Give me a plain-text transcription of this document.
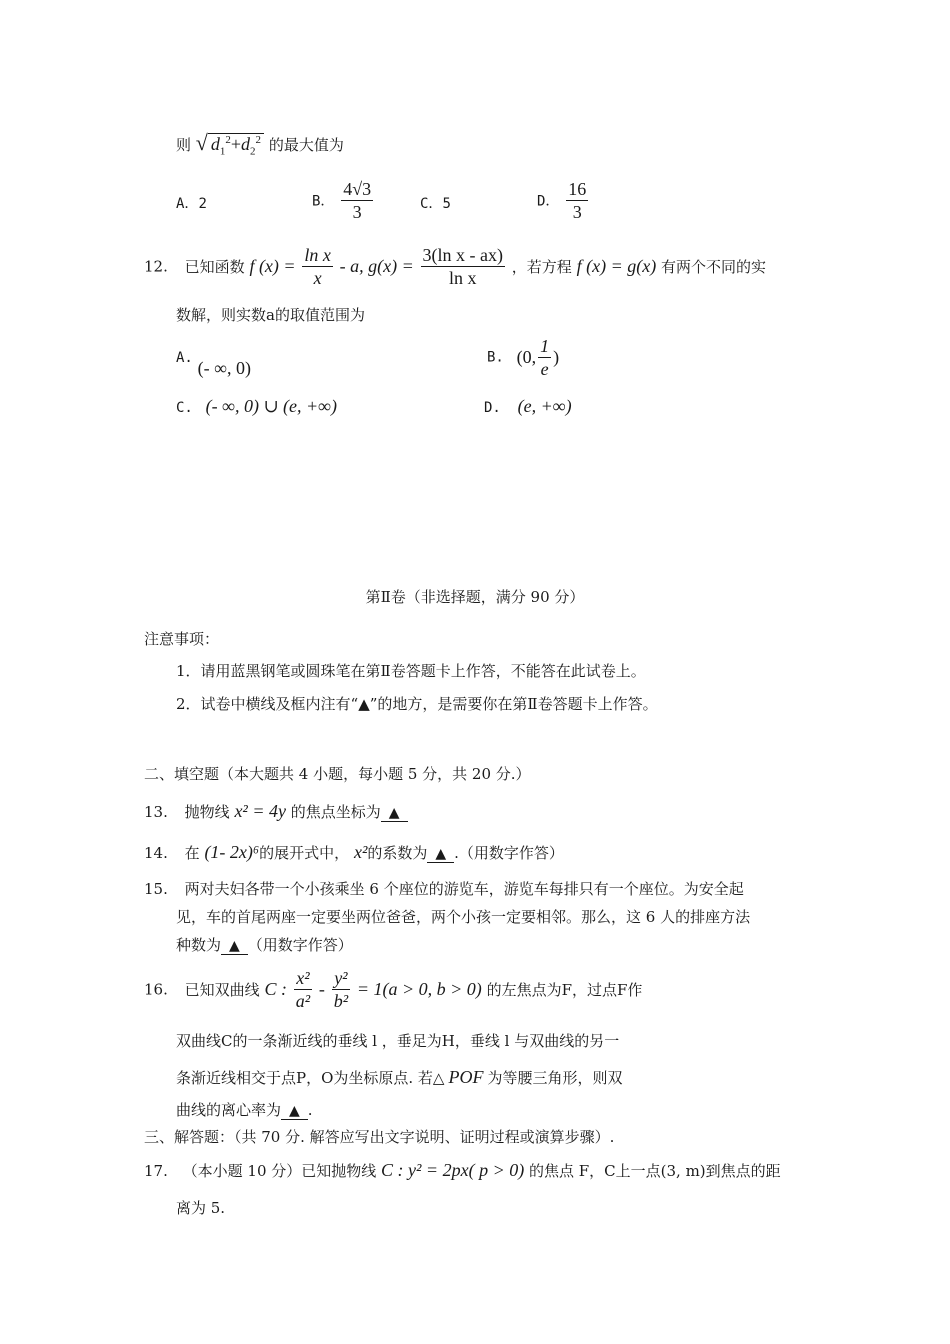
则 √ $d_1^2+d_2^2$ 的最大值为
A．2	B． $\frac{4√3}{3}$	C．5	D． $\frac{16}{3}$
12. 已知函数 f $(x) = \frac{\text{ln x}}{x} - a$, $g(x) = \frac{\text{3(ln x - ax)}}{\text{ln x}}$ ，若方程 f (x) = g(x) 有两个不同的实
数解，则实数a的取值范围为
A. (- ∞, 0)
B. (0, $\frac{1}{e}$ )
C. (- ∞, 0) ∪ (e, +∞)	D. (e, +∞)
第Ⅱ卷（非选择题，满分 90 分）
注意事项：
1．请用蓝黑钢笔或圆珠笔在第Ⅱ卷答题卡上作答，不能答在此试卷上。
2．试卷中横线及框内注有“▲”的地方，是需要你在第Ⅱ卷答题卡上作答。
二、填空题（本大题共 4 小题，每小题 5 分，共 20 分.）
13. 抛物线 x² = 4y 的焦点坐标为 ▲
14. 在 (1- 2x)⁶的展开式中， x²的系数为 ▲ .（用数字作答）
15. 两对夫妇各带一个小孩乘坐 6 个座位的游览车，游览车每排只有一个座位。为安全起
见，车的首尾两座一定要坐两位爸爸，两个小孩一定要相邻。那么，这 6 人的排座方法
种数为 ▲ （用数字作答）
16. 已知双曲线 C : $\frac{\text{x²}}{\text{a²}} - \frac{\text{y²}}{\text{b²}} = 1(a > 0$, b > 0) 的左焦点为F，过点F作
双曲线C的一条渐近线的垂线 l ，垂足为H，垂线 l 与双曲线的另一
条渐近线相交于点P，O为坐标原点. 若△ POF 为等腰三角形，则双
曲线的离心率为 ▲ .
三、解答题：（共 70 分. 解答应写出文字说明、证明过程或演算步骤）.
17. （本小题 10 分）已知抛物线 C : y² = 2px( p > 0) 的焦点 F，C上一点(3, m)到焦点的距
离为 5.
